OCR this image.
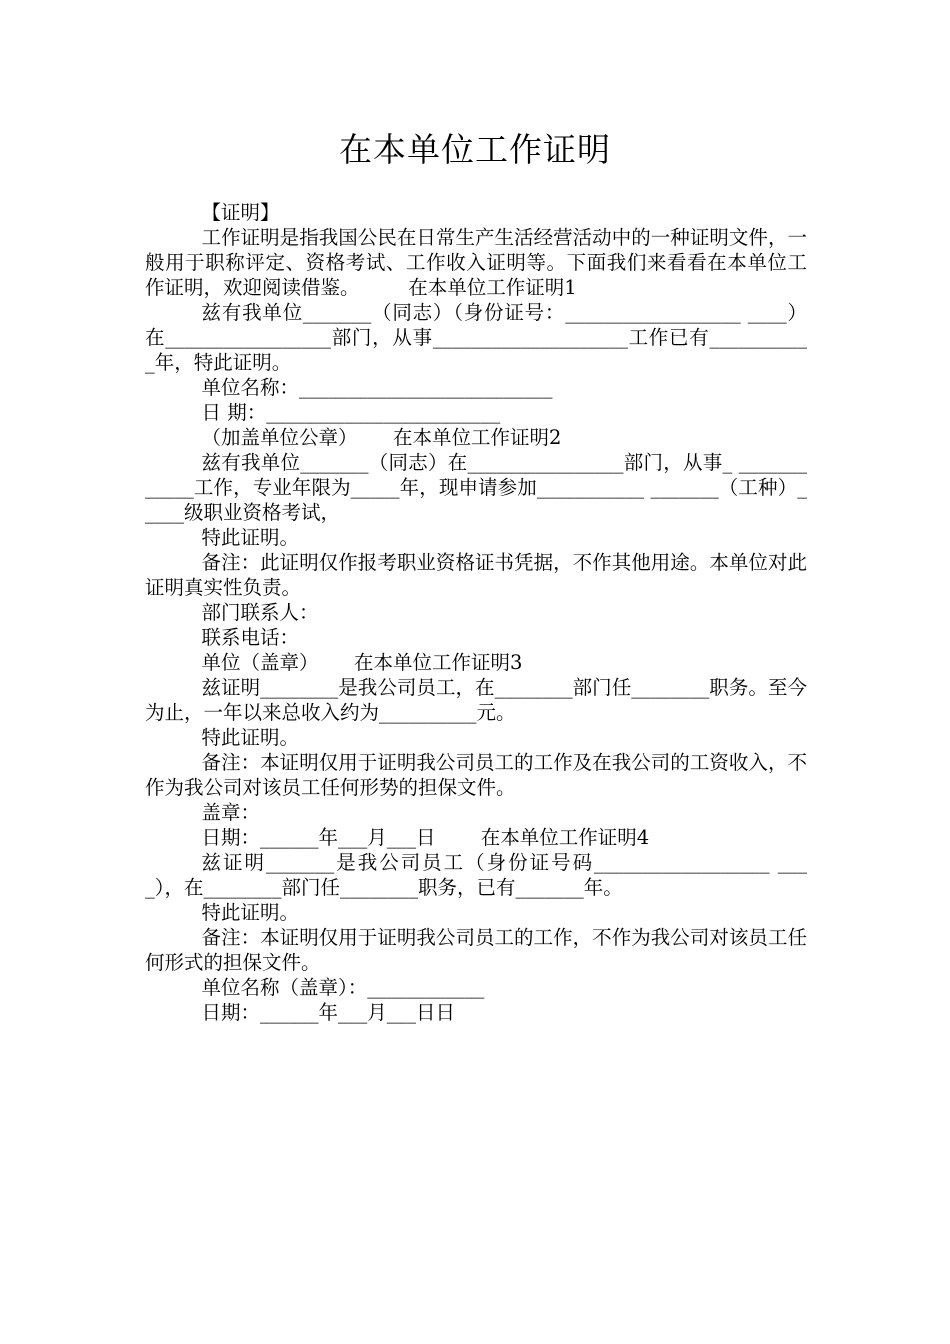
在本单位工作证明

【证明】

工作证明是指我国公民在日常生产生活经营活动中的一种证明文件，一般用于职称评定、资格考试、工作收入证明等。下面我们来看看在本单位工作证明，欢迎阅读借鉴。　　　在本单位工作证明1

兹有我单位_______（同志）（身份证号：__________________ ____）在_________________部门，从事____________________工作已有___________年，特此证明。

单位名称：__________________________

日 期：________________________

（加盖单位公章）　　 在本单位工作证明2

兹有我单位_______（同志）在________________部门，从事_ ____________工作，专业年限为_____年，现申请参加___________ _______（工种）_____级职业资格考试，

特此证明。

备注：此证明仅作报考职业资格证书凭据，不作其他用途。本单位对此证明真实性负责。

部门联系人：

联系电话：

单位（盖章）　　 在本单位工作证明3

兹证明________是我公司员工，在________部门任________职务。至今为止，一年以来总收入约为__________元。

特此证明。

备注：本证明仅用于证明我公司员工的工作及在我公司的工资收入，不作为我公司对该员工任何形势的担保文件。

盖章：

日期：______年___月___日　　 在本单位工作证明4

兹证明_______是我公司员工（身份证号码__________________ ____），在________部门任________职务，已有_______年。

特此证明。

备注：本证明仅用于证明我公司员工的工作，不作为我公司对该员工任何形式的担保文件。

单位名称（盖章）：____________

日期：______年___月___日日
